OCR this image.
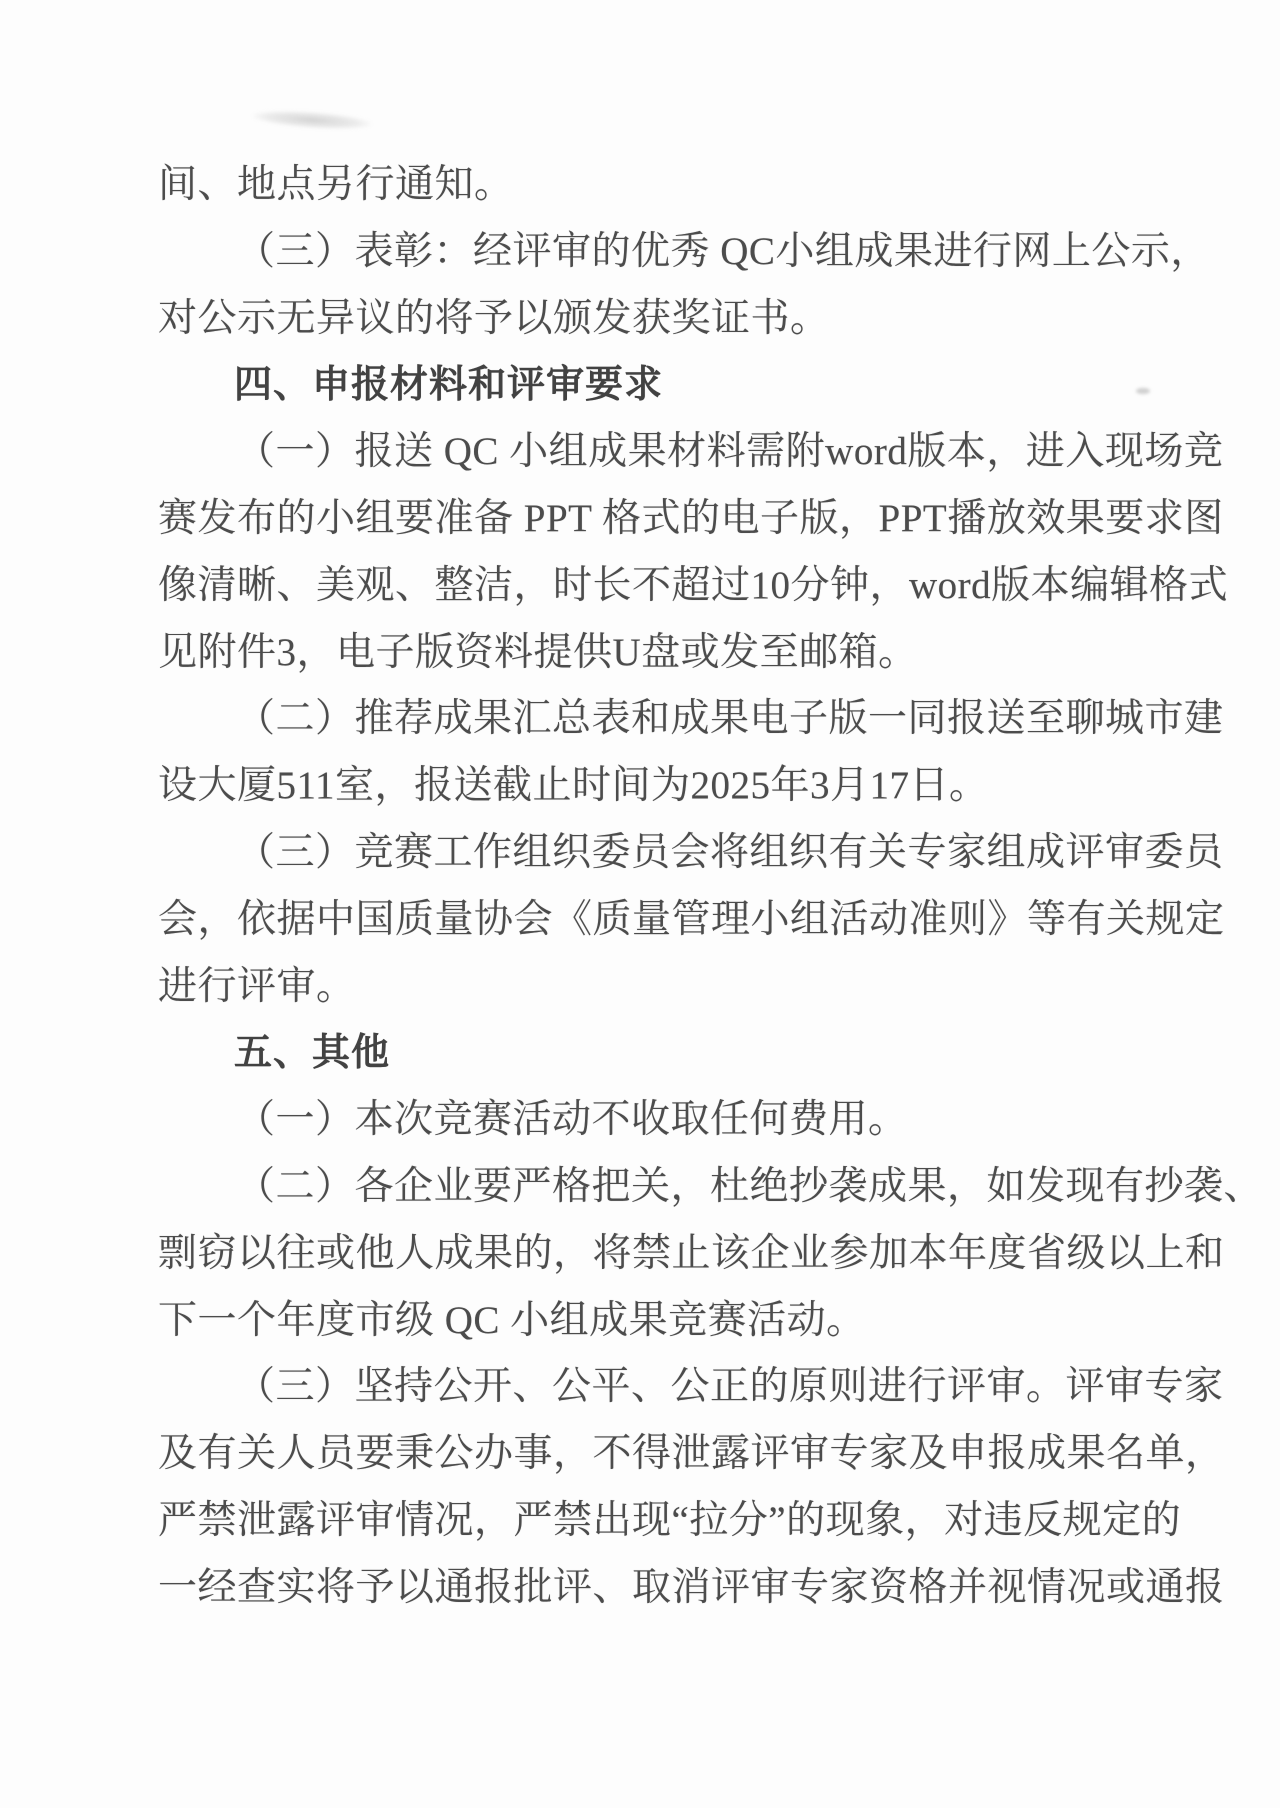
间、地点另行通知。
（三）表彰：经评审的优秀 QC小组成果进行网上公示，
对公示无异议的将予以颁发获奖证书。
四、申报材料和评审要求
（一）报送 QC 小组成果材料需附word版本，进入现场竞
赛发布的小组要准备 PPT 格式的电子版，PPT播放效果要求图
像清晰、美观、整洁，时长不超过10分钟，word版本编辑格式
见附件3，电子版资料提供U盘或发至邮箱。
（二）推荐成果汇总表和成果电子版一同报送至聊城市建
设大厦511室，报送截止时间为2025年3月17日。
（三）竞赛工作组织委员会将组织有关专家组成评审委员
会，依据中国质量协会《质量管理小组活动准则》等有关规定
进行评审。
五、其他
（一）本次竞赛活动不收取任何费用。
（二）各企业要严格把关，杜绝抄袭成果，如发现有抄袭、
剽窃以往或他人成果的，将禁止该企业参加本年度省级以上和
下一个年度市级 QC 小组成果竞赛活动。
（三）坚持公开、公平、公正的原则进行评审。评审专家
及有关人员要秉公办事，不得泄露评审专家及申报成果名单，
严禁泄露评审情况，严禁出现“拉分”的现象，对违反规定的
一经查实将予以通报批评、取消评审专家资格并视情况或通报
